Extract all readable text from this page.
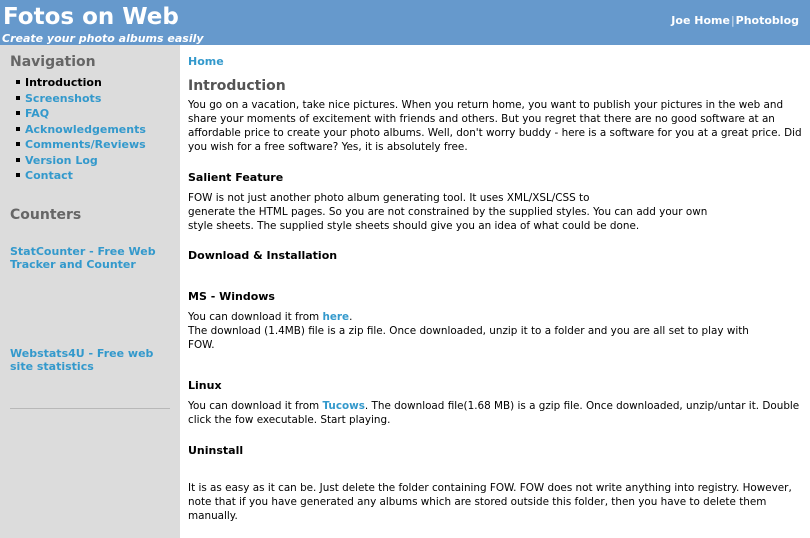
Fotos on Web
Create your photo albums easily
Joe Home|Photoblog
Navigation
Counters
StatCounter - Free Web Tracker and Counter
Webstats4U - Free web site statistics
Introduction
Screenshots
FAQ
Acknowledgements
Comments/Reviews
Version Log
Contact
Home
Introduction
You go on a vacation, take nice pictures. When you return home, you want to publish your pictures in the web and share your moments of excitement with friends and others. But you regret that there are no good software at an affordable price to create your photo albums. Well, don't worry buddy - here is a software for you at a great price. Did you wish for a free software? Yes, it is absolutely free.
Salient Feature
FOW is not just another photo album generating tool. It uses XML/XSL/CSS to
generate the HTML pages. So you are not constrained by the supplied styles. You can add your own
style sheets. The supplied style sheets should give you an idea of what could be done.
Download & Installation
MS - Windows
You can download it from here.
The download (1.4MB) file is a zip file. Once downloaded, unzip it to a folder and you are all set to play with
FOW.
Linux
You can download it from Tucows. The download file(1.68 MB) is a gzip file. Once downloaded, unzip/untar it. Double click the fow executable. Start playing.
Uninstall
It is as easy as it can be. Just delete the folder containing FOW. FOW does not write anything into registry. However, note that if you have generated any albums which are stored outside this folder, then you have to delete them manually.
